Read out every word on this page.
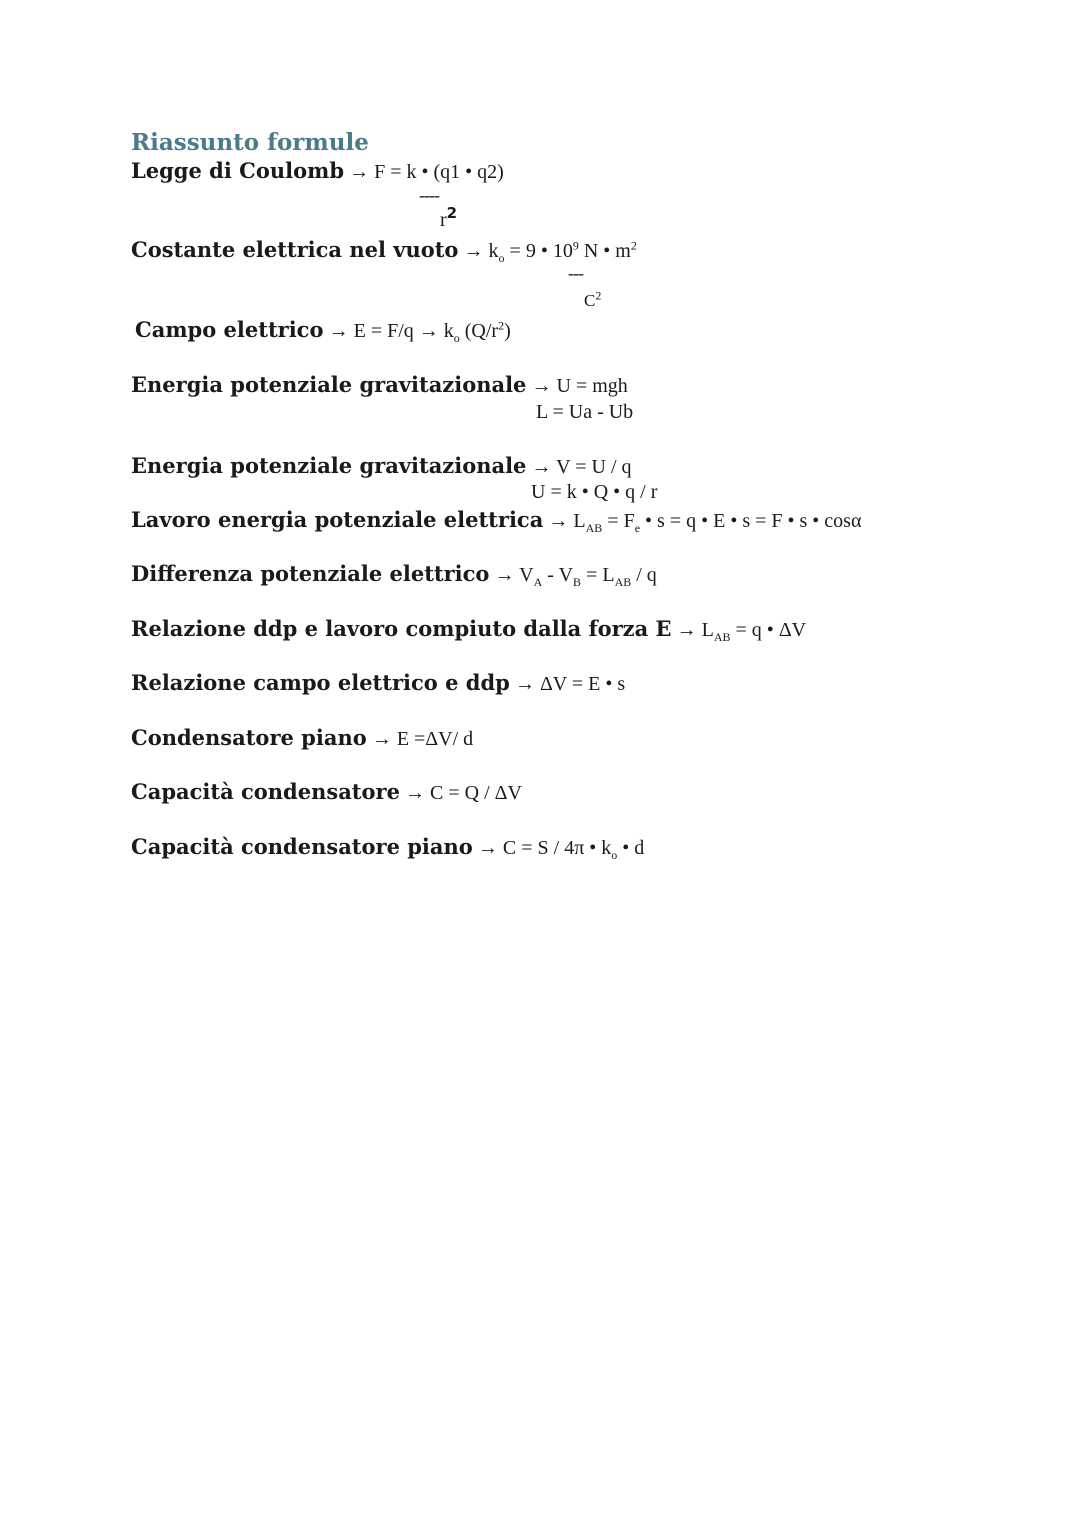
Riassunto formule
Legge di Coulomb → F = k • (q1 • q2)
----
$r^2$
Costante elettrica nel vuoto → $k_o = 9$ • $10^9$ N • $m^2$
---
$C^2$
Campo elettrico → $E = F/q \to k_o$ $(Q/r^2)$
Energia potenziale gravitazionale → U = mgh
L = Ua - Ub
Energia potenziale gravitazionale → V = U / q
U = k • Q • q / r
Lavoro energia potenziale elettrica → $L_{AB} = F_e$ • s = q • E • s = F • s • cosα
Differenza potenziale elettrico → $V_A - V_B = L_{AB} / q$
Relazione ddp e lavoro compiuto dalla forza $E \to L_{AB} = q$ • ΔV
Relazione campo elettrico e ddp → ΔV = E • s
Condensatore piano → E =ΔV/ d
Capacità condensatore → C = Q / ΔV
Capacità condensatore piano → C = S / 4π • $k_o$ • d
